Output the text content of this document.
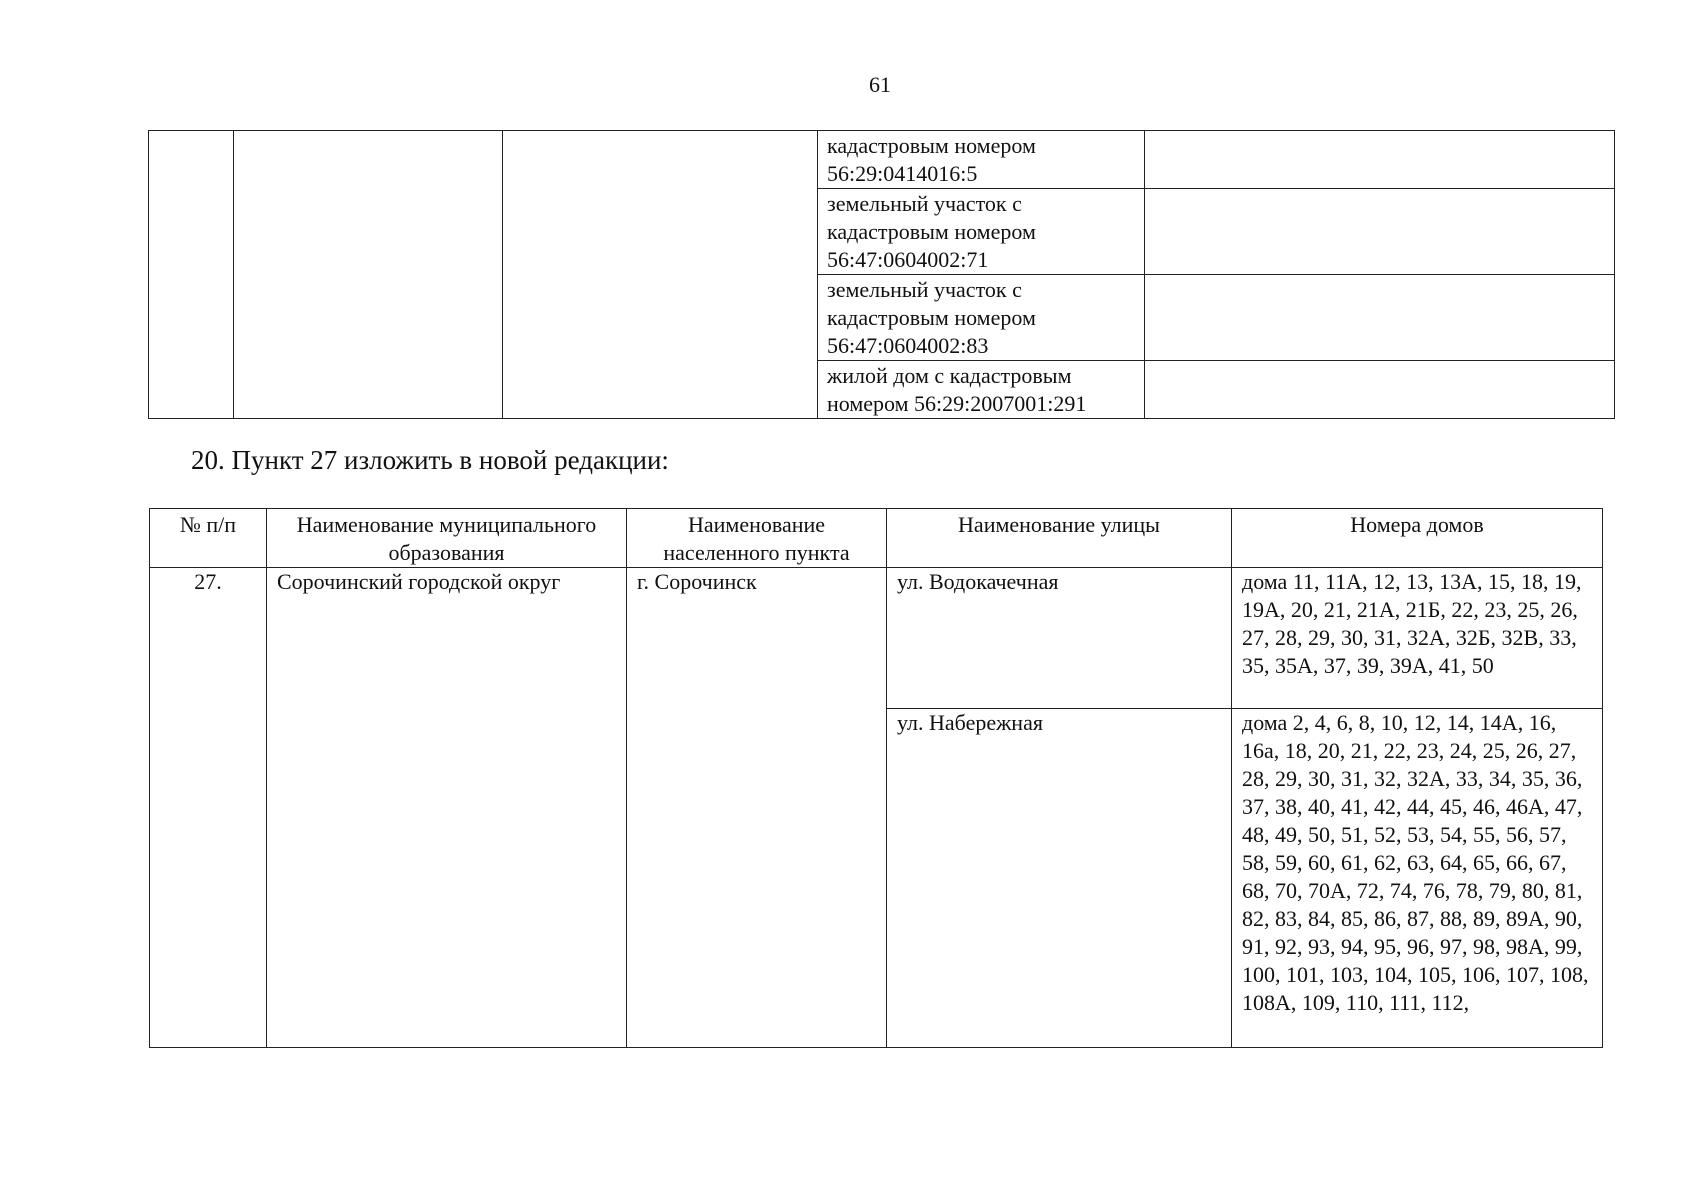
61
			кадастровым номером 56:29:0414016:5	
			земельный участок с кадастровым номером 56:47:0604002:71	
			земельный участок с кадастровым номером 56:47:0604002:83	
			жилой дом с кадастровым номером 56:29:2007001:291	
20. Пункт 27 изложить в новой редакции:
№ п/п	Наименование муниципального образования	Наименование населенного пункта	Наименование улицы	Номера домов
27.	Сорочинский городской округ	г. Сорочинск	ул. Водокачечная	дома 11, 11А, 12, 13, 13А, 15, 18, 19, 19А, 20, 21, 21А, 21Б, 22, 23, 25, 26, 27, 28, 29, 30, 31, 32А, 32Б, 32В, 33, 35, 35А, 37, 39, 39А, 41, 50
			ул. Набережная	дома 2, 4, 6, 8, 10, 12, 14, 14А, 16, 16а, 18, 20, 21, 22, 23, 24, 25, 26, 27, 28, 29, 30, 31, 32, 32А, 33, 34, 35, 36, 37, 38, 40, 41, 42, 44, 45, 46, 46А, 47, 48, 49, 50, 51, 52, 53, 54, 55, 56, 57, 58, 59, 60, 61, 62, 63, 64, 65, 66, 67, 68, 70, 70А, 72, 74, 76, 78, 79, 80, 81, 82, 83, 84, 85, 86, 87, 88, 89, 89А, 90, 91, 92, 93, 94, 95, 96, 97, 98, 98А, 99, 100, 101, 103, 104, 105, 106, 107, 108, 108А, 109, 110, 111, 112,
